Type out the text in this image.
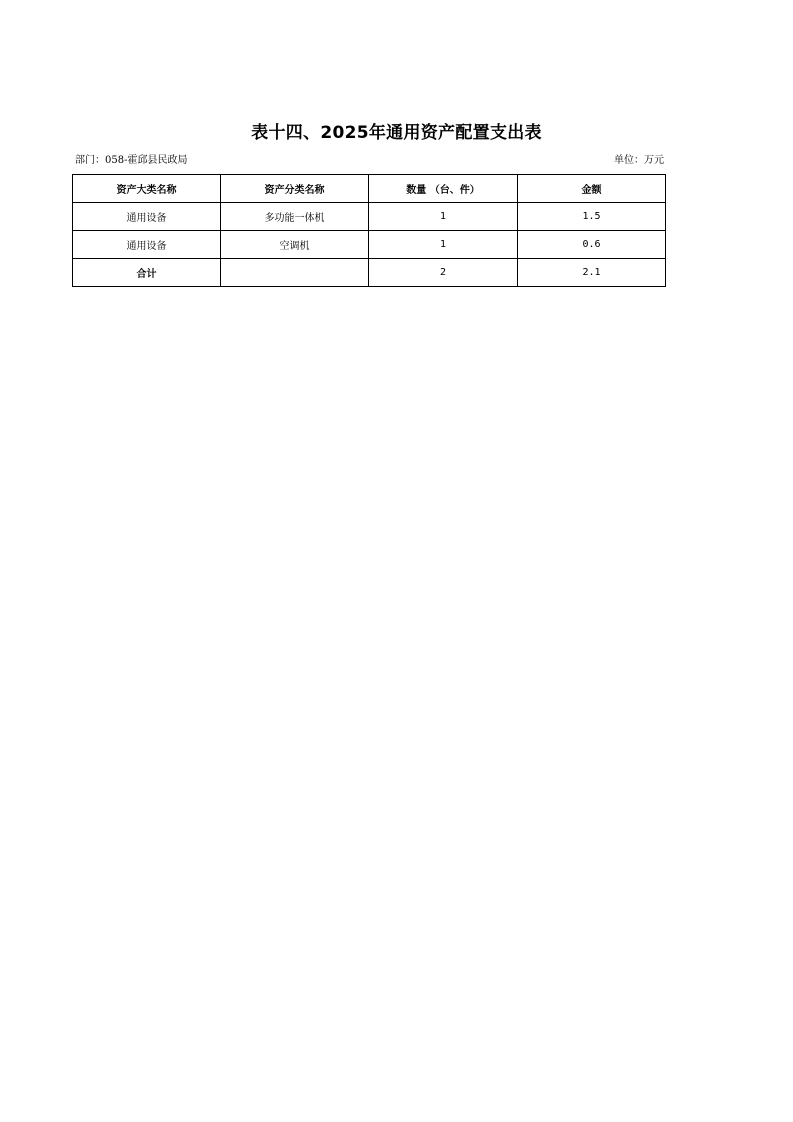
表十四、2025年通用资产配置支出表
部门：058-霍邱县民政局	单位：万元
资产大类名称	资产分类名称	数量 （台、件）	金额
通用设备	多功能一体机	1	1.5
通用设备	空调机	1	0.6
合计		2	2.1
